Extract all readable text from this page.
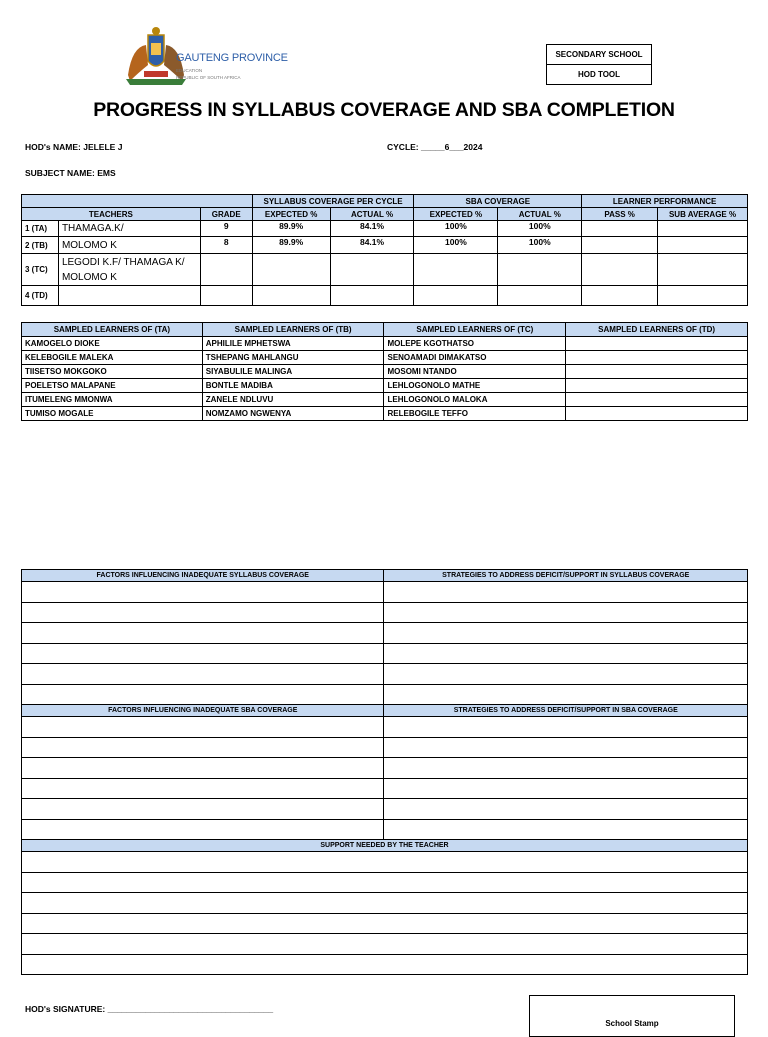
GAUTENG PROVINCE
EDUCATION
REPUBLIC OF SOUTH AFRICA
SECONDARY SCHOOL
HOD TOOL
PROGRESS IN SYLLABUS COVERAGE AND SBA COMPLETION
HOD's NAME: JELELE J	CYCLE: _____6___2024
SUBJECT NAME: EMS
			SYLLABUS COVERAGE PER CYCLE		SBA COVERAGE		LEARNER PERFORMANCE	
TEACHERS		GRADE	EXPECTED %	ACTUAL %	EXPECTED %	ACTUAL %	PASS %	SUB AVERAGE %
1 (TA)	THAMAGA.K/	9	89.9%	84.1%	100%	100%		
2 (TB)	MOLOMO K	8	89.9%	84.1%	100%	100%		
3 (TC)	LEGODI K.F/ THAMAGA K/ MOLOMO K							
4 (TD)								
SAMPLED LEARNERS OF (TA)	SAMPLED LEARNERS OF (TB)	SAMPLED LEARNERS OF (TC)	SAMPLED LEARNERS OF (TD)
KAMOGELO DIOKE	APHILILE MPHETSWA	MOLEPE KGOTHATSO	
KELEBOGILE MALEKA	TSHEPANG MAHLANGU	SENOAMADI DIMAKATSO	
TIISETSO MOKGOKO	SIYABULILE MALINGA	MOSOMI NTANDO	
POELETSO MALAPANE	BONTLE MADIBA	LEHLOGONOLO MATHE	
ITUMELENG MMONWA	ZANELE NDLUVU	LEHLOGONOLO MALOKA	
TUMISO MOGALE	NOMZAMO NGWENYA	RELEBOGILE TEFFO	
FACTORS INFLUENCING INADEQUATE SYLLABUS COVERAGE	STRATEGIES TO ADDRESS DEFICIT/SUPPORT IN SYLLABUS COVERAGE

FACTORS INFLUENCING INADEQUATE SBA COVERAGE	STRATEGIES TO ADDRESS DEFICIT/SUPPORT IN SBA COVERAGE

SUPPORT NEEDED BY THE TEACHER	

HOD's SIGNATURE: ___________________________________
School Stamp
